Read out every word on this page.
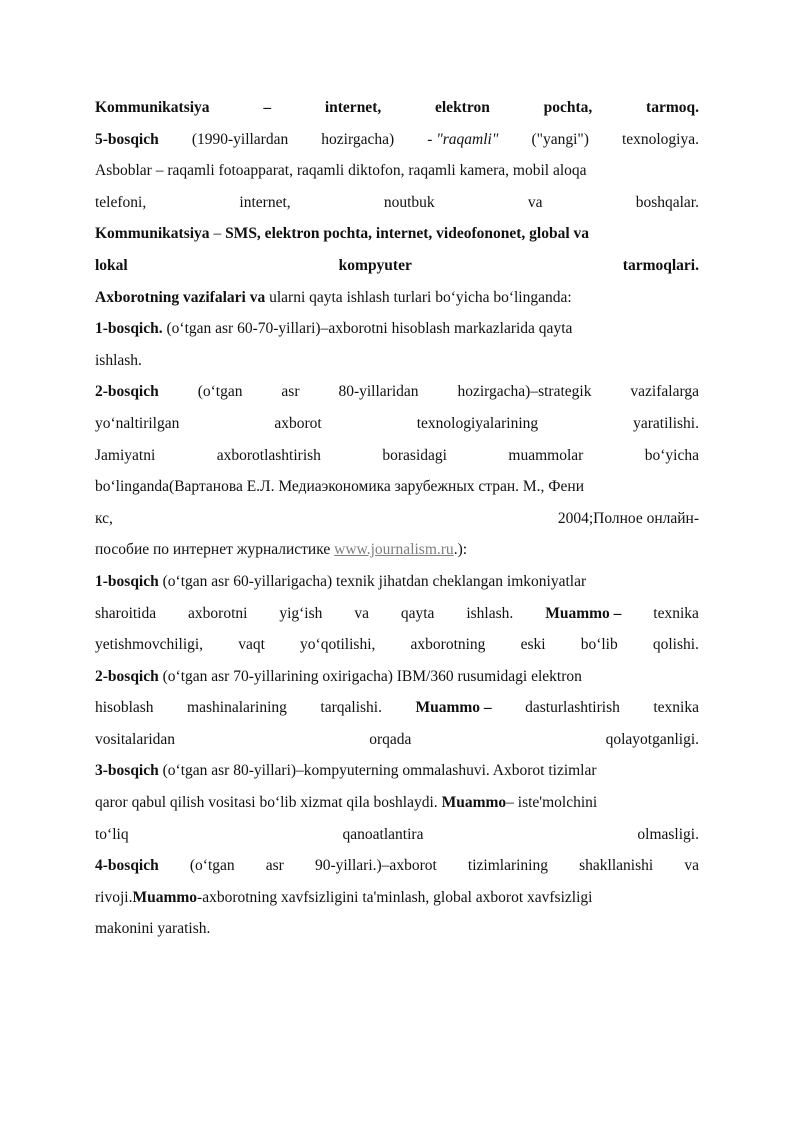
Kommunikatsiya	–	internet,	elektron	pochta,	tarmoq.
5-bosqich (1990-yillardan hozirgacha) - "raqamli" ("yangi") texnologiya.
Asboblar – raqamli fotoapparat, raqamli diktofon, raqamli kamera, mobil aloqa
telefoni,	internet,	noutbuk	va	boshqalar.
Kommunikatsiya – SMS, elektron pochta, internet, videofononet, global va
lokal	kompyuter	tarmoqlari.
Axborotning vazifalari va ularni qayta ishlash turlari bo‘yicha bo‘linganda:
1-bosqich. (o‘tgan asr 60-70-yillari)–axborotni hisoblash markazlarida qayta
ishlash.
2-bosqich	(o‘tgan	asr	80-yillaridan	hozirgacha)–strategik	vazifalarga
yo‘naltirilgan	axborot	texnologiyalarining	yaratilishi.
Jamiyatni	axborotlashtirish	borasidagi	muammolar	bo‘yicha
bo‘linganda(Вартанова Е.Л. Медиаэкономика зарубежных стран. М., Фени
кс,	2004;Полное онлайн-
пособие по интернет журналистике www.journalism.ru.):
1-bosqich (o‘tgan asr 60-yillarigacha) texnik jihatdan cheklangan imkoniyatlar
sharoitida axborotni yig‘ish va qayta ishlash. Muammo – texnika
yetishmovchiligi, vaqt yo‘qotilishi, axborotning eski bo‘lib qolishi.
2-bosqich (o‘tgan asr 70-yillarining oxirigacha) IBM/360 rusumidagi elektron
hisoblash mashinalarining tarqalishi. Muammo – dasturlashtirish texnika
vositalaridan	orqada	qolayotganligi.
3-bosqich (o‘tgan asr 80-yillari)–kompyuterning ommalashuvi. Axborot tizimlar
qaror qabul qilish vositasi bo‘lib xizmat qila boshlaydi. Muammo– iste'molchini
to‘liq	qanoatlantira	olmasligi.
4-bosqich (o‘tgan asr 90-yillari.)–axborot tizimlarining shakllanishi va
rivoji.Muammo-axborotning xavfsizligini ta'minlash, global axborot xavfsizligi
makonini yaratish.
